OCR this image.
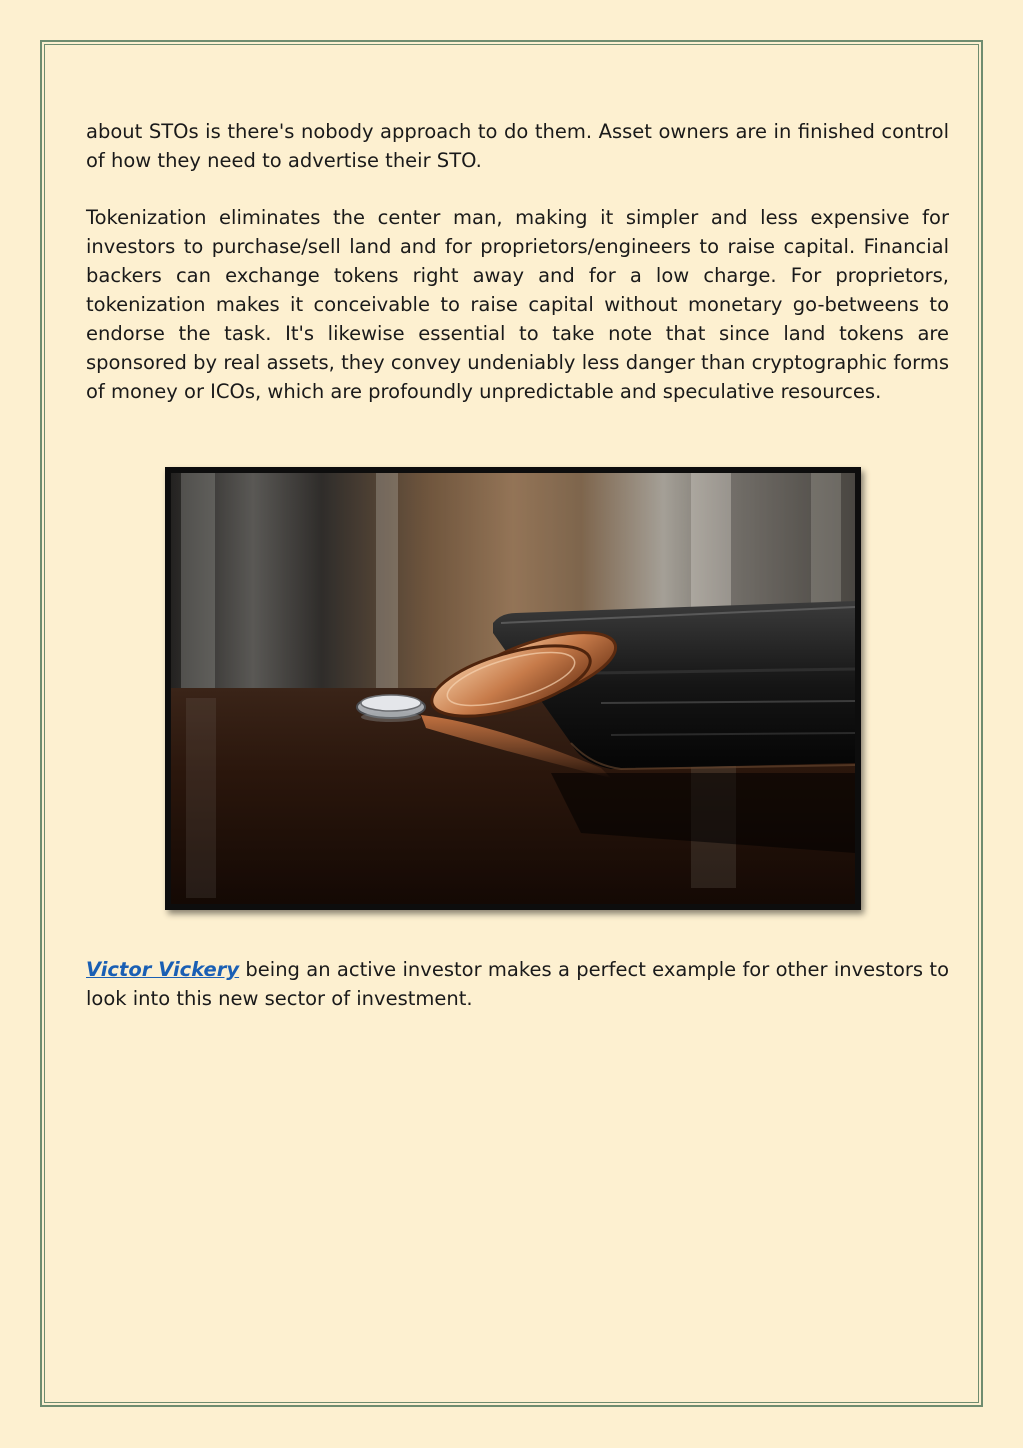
about STOs is there's nobody approach to do them. Asset owners are in finished control of how they need to advertise their STO.

Tokenization eliminates the center man, making it simpler and less expensive for investors to purchase/sell land and for proprietors/engineers to raise capital. Financial backers can exchange tokens right away and for a low charge. For proprietors, tokenization makes it conceivable to raise capital without monetary go-betweens to endorse the task. It's likewise essential to take note that since land tokens are sponsored by real assets, they convey undeniably less danger than cryptographic forms of money or ICOs, which are profoundly unpredictable and speculative resources.

Victor Vickery being an active investor makes a perfect example for other investors to look into this new sector of investment.
